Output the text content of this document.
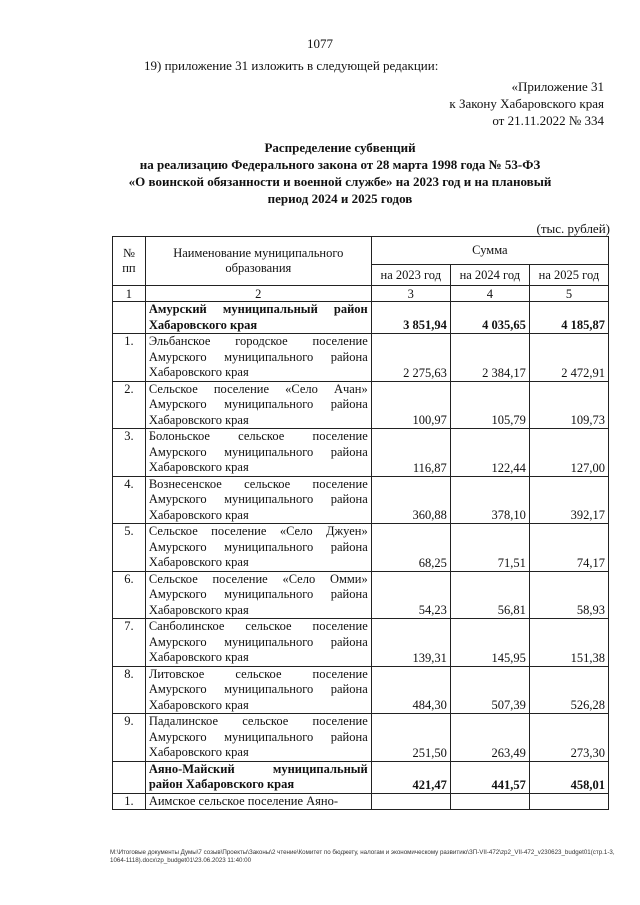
1077
19) приложение 31 изложить в следующей редакции:
«Приложение 31
к Закону Хабаровского края
от 21.11.2022 № 334
Распределение субвенций
на реализацию Федерального закона от 28 марта 1998 года № 53-ФЗ
«О воинской обязанности и военной службе» на 2023 год и на плановый
период 2024 и 2025 годов
(тыс. рублей)
№ пп	Наименование муниципального образования	Сумма		
		на 2023 год	на 2024 год	на 2025 год
1	2	3	4	5
	Амурский муниципальный район Хабаровского края	3 851,94	4 035,65	4 185,87
1.	Эльбанское городское поселение Амурского муниципального района Хабаровского края	2 275,63	2 384,17	2 472,91
2.	Сельское поселение «Село Ачан» Амурского муниципального района Хабаровского края	100,97	105,79	109,73
3.	Болоньское сельское поселение Амурского муниципального района Хабаровского края	116,87	122,44	127,00
4.	Вознесенское сельское поселение Амурского муниципального района Хабаровского края	360,88	378,10	392,17
5.	Сельское поселение «Село Джуен» Амурского муниципального района Хабаровского края	68,25	71,51	74,17
6.	Сельское поселение «Село Омми» Амурского муниципального района Хабаровского края	54,23	56,81	58,93
7.	Санболинское сельское поселение Амурского муниципального района Хабаровского края	139,31	145,95	151,38
8.	Литовское сельское поселение Амурского муниципального района Хабаровского края	484,30	507,39	526,28
9.	Падалинское сельское поселение Амурского муниципального района Хабаровского края	251,50	263,49	273,30
	Аяно-Майский муниципальный район Хабаровского края	421,47	441,57	458,01
1.	Аимское сельское поселение Аяно-			

M:\Итоговые документы Думы\7 созыв\Проекты\Законы\2 чтение\Комитет по бюджету, налогам и экономическому развитию\ЗП-VII-472\zp2_VII-472_v230623_budget01(стр.1-3, 1064-1118).docx\zp_budget01\23.06.2023 11:40:00
